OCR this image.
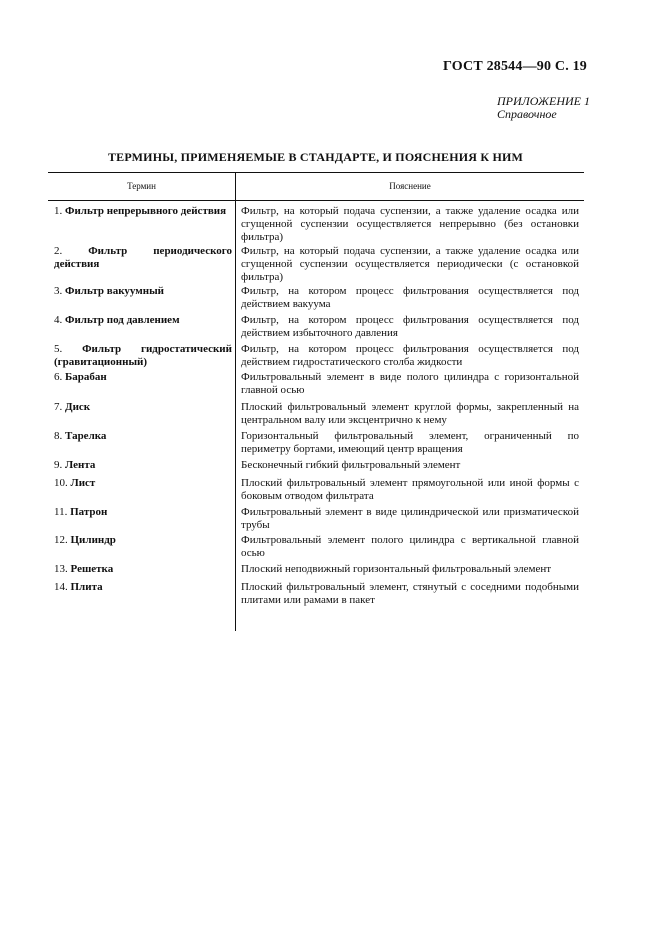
ГОСТ 28544—90 С. 19
ПРИЛОЖЕНИЕ 1
Справочное
ТЕРМИНЫ, ПРИМЕНЯЕМЫЕ В СТАНДАРТЕ, И ПОЯСНЕНИЯ К НИМ
Термин	Пояснение
1. Фильтр непрерывного действия
2. Фильтр периодического действия
3. Фильтр вакуумный
4. Фильтр под давлением
5. Фильтр гидростатический (гравитационный)
6. Барабан
7. Диск
8. Тарелка
9. Лента
10. Лист
11. Патрон
12. Цилиндр
13. Решетка
14. Плита
Фильтр, на который подача суспензии, а также удаление осадка или сгущенной суспензии осуществляется непрерывно (без остановки фильтра)
Фильтр, на который подача суспензии, а также удаление осадка или сгущенной суспензии осуществляется периодически (с остановкой фильтра)
Фильтр, на котором процесс фильтрования осуществляется под действием вакуума
Фильтр, на котором процесс фильтрования осуществляется под действием избыточного давления
Фильтр, на котором процесс фильтрования осуществляется под действием гидростатического столба жидкости
Фильтровальный элемент в виде полого цилиндра с горизонтальной главной осью
Плоский фильтровальный элемент круглой формы, закрепленный на центральном валу или эксцентрично к нему
Горизонтальный фильтровальный элемент, ограниченный по периметру бортами, имеющий центр вращения
Бесконечный гибкий фильтровальный элемент
Плоский фильтровальный элемент прямоугольной или иной формы с боковым отводом фильтрата
Фильтровальный элемент в виде цилиндрической или призматической трубы
Фильтровальный элемент полого цилиндра с вертикальной главной осью
Плоский неподвижный горизонтальный фильтровальный элемент
Плоский фильтровальный элемент, стянутый с соседними подобными плитами или рамами в пакет
